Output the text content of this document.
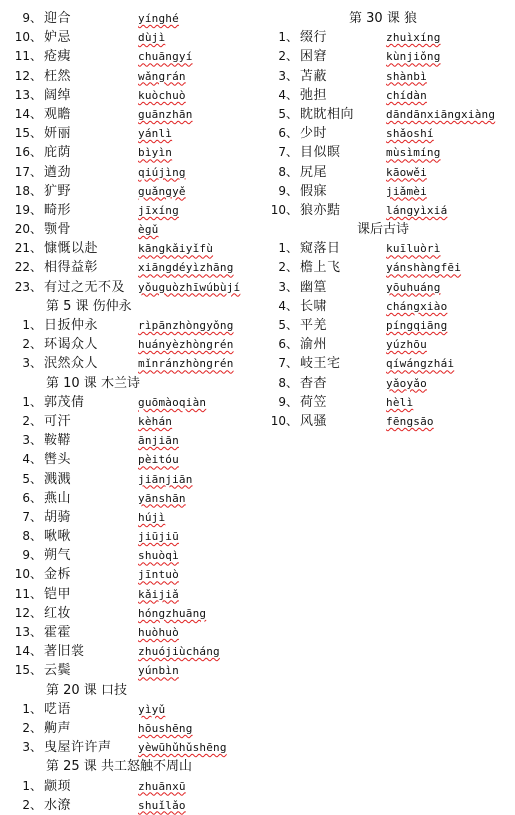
9、 迎合	yínghé
10、 妒忌	dùjì
11、 疮痍	chuāngyí
12、 枉然	wǎngrán
13、 阔绰	kuòchuò
14、 观瞻	guānzhān
15、 妍丽	yánlì
16、 庇荫	bìyìn
17、 遒劲	qiújìng
18、 犷野	guǎngyě
19、 畸形	jīxíng
20、 颚骨	ègǔ
21、 慷慨以赴	kāngkǎiyǐfù
22、 相得益彰	xiāngdéyìzhāng
23、 有过之无不及 yǒuguòzhīwúbùjí
第 5 课 伤仲永
1、 日扳仲永	rìpānzhòngyǒng
2、 环谒众人	huányèzhòngrén
3、 泯然众人	mǐnránzhòngrén
第 10 课 木兰诗
1、 郭茂倩	guōmàoqiàn
2、 可汗	kèhán
3、 鞍鞯	ānjiān
4、 辔头	pèitóu
5、 溅溅	jiānjiān
6、 燕山	yānshān
7、 胡骑	hújì
8、 啾啾	jiūjiū
9、 朔气	shuòqì
10、 金柝	jīntuò
11、 铠甲	kǎijiǎ
12、 红妆	hóngzhuāng
13、 霍霍	huòhuò
14、 著旧裳	zhuójiùcháng
15、 云鬓	yúnbìn
第 20 课 口技
1、 呓语	yìyǔ
2、 齁声	hōushēng
3、 曳屋许许声 yèwūhǔhǔshēng
第 25 课 共工怒触不周山
1、 颛顼	zhuānxū
2、 水潦	shuǐlǎo
第 30 课 狼
1、 缀行	zhuìxíng
2、 困窘	kùnjiǒng
3、 苫蔽	shànbì
4、 弛担	chídàn
5、 眈眈相向	dāndānxiāngxiàng
6、 少时	shǎoshí
7、 目似瞑	mùsìmíng
8、 尻尾	kāowěi
9、 假寐	jiǎmèi
10、 狼亦黠	lángyìxiá
课后古诗
1、 窥落日	kuīluòrì
2、 檐上飞	yánshàngfēi
3、 幽篁	yōuhuáng
4、 长啸	chángxiào
5、 平羌	píngqiāng
6、 渝州	yúzhōu
7、 岐王宅	qíwángzhái
8、 杳杳	yǎoyǎo
9、 荷笠	hèlì
10、 风骚	fēngsāo
